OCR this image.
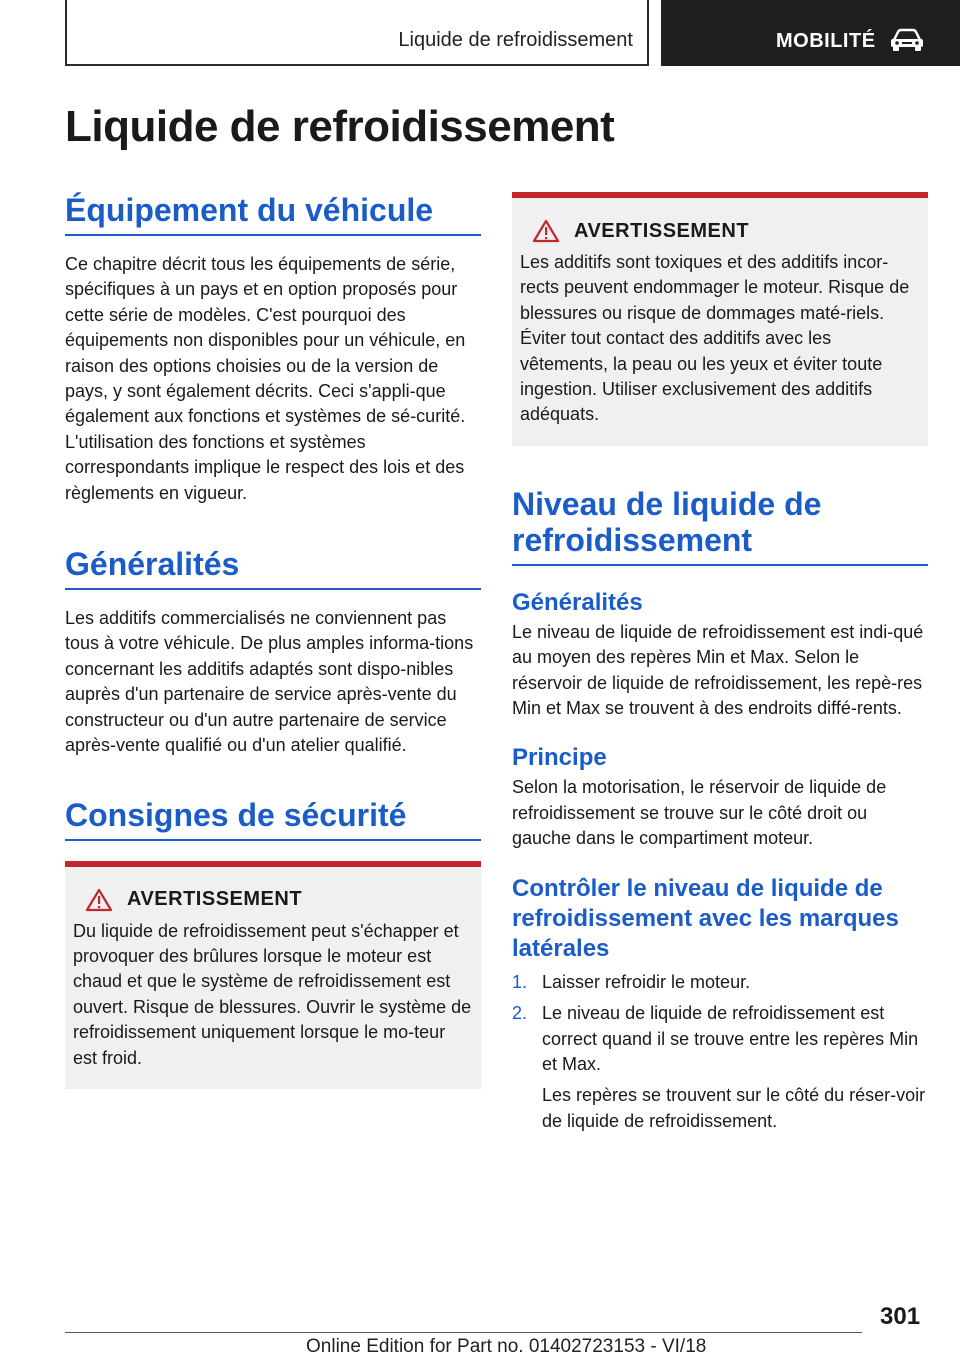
Liquide de refroidissement	MOBILITÉ
Liquide de refroidissement
Équipement du véhicule

Ce chapitre décrit tous les équipements de série, spécifiques à un pays et en option proposés pour cette série de modèles. C'est pourquoi des équipements non disponibles pour un véhicule, en raison des options choisies ou de la version de pays, y sont également décrits. Ceci s'appli-que également aux fonctions et systèmes de sé-curité. L'utilisation des fonctions et systèmes correspondants implique le respect des lois et des règlements en vigueur.

Généralités

Les additifs commercialisés ne conviennent pas tous à votre véhicule. De plus amples informa-tions concernant les additifs adaptés sont dispo-nibles auprès d'un partenaire de service après-vente du constructeur ou d'un autre partenaire de service après-vente qualifié ou d'un atelier qualifié.

Consignes de sécurité
AVERTISSEMENT

Du liquide de refroidissement peut s'échapper et provoquer des brûlures lorsque le moteur est chaud et que le système de refroidissement est ouvert. Risque de blessures. Ouvrir le système de refroidissement uniquement lorsque le mo-teur est froid.

AVERTISSEMENT

Les additifs sont toxiques et des additifs incor-rects peuvent endommager le moteur. Risque de blessures ou risque de dommages maté-riels. Éviter tout contact des additifs avec les vêtements, la peau ou les yeux et éviter toute ingestion. Utiliser exclusivement des additifs adéquats.

Niveau de liquide de refroidissement
Généralités

Le niveau de liquide de refroidissement est indi-qué au moyen des repères Min et Max. Selon le réservoir de liquide de refroidissement, les repè-res Min et Max se trouvent à des endroits diffé-rents.

Principe

Selon la motorisation, le réservoir de liquide de refroidissement se trouve sur le côté droit ou gauche dans le compartiment moteur.

Contrôler le niveau de liquide de refroidissement avec les marques latérales
1. Laisser refroidir le moteur.
2. Le niveau de liquide de refroidissement est correct quand il se trouve entre les repères Min et Max.

Les repères se trouvent sur le côté du réser-voir de liquide de refroidissement.

301
Online Edition for Part no. 01402723153 - VI/18
